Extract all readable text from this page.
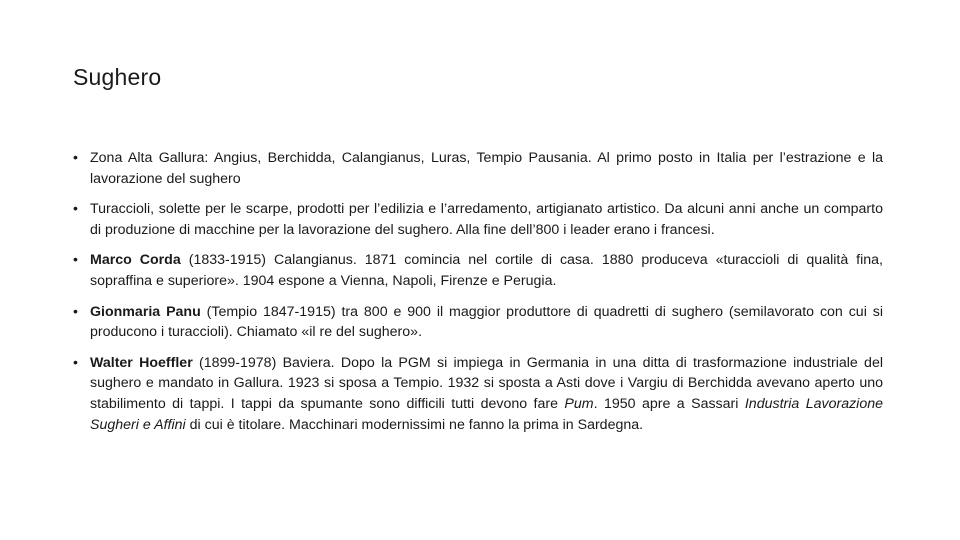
Sughero
• Zona Alta Gallura: Angius, Berchidda, Calangianus, Luras, Tempio Pausania. Al primo posto in Italia per l’estrazione e la lavorazione del sughero
• Turaccioli, solette per le scarpe, prodotti per l’edilizia e l’arredamento, artigianato artistico. Da alcuni anni anche un comparto di produzione di macchine per la lavorazione del sughero. Alla fine dell’800 i leader erano i francesi.
• Marco Corda (1833-1915) Calangianus. 1871 comincia nel cortile di casa. 1880 produceva «turaccioli di qualità fina, sopraffina e superiore». 1904 espone a Vienna, Napoli, Firenze e Perugia.
• Gionmaria Panu (Tempio 1847-1915) tra 800 e 900 il maggior produttore di quadretti di sughero (semilavorato con cui si producono i turaccioli). Chiamato «il re del sughero».
• Walter Hoeffler (1899-1978) Baviera. Dopo la PGM si impiega in Germania in una ditta di trasformazione industriale del sughero e mandato in Gallura. 1923 si sposa a Tempio. 1932 si sposta a Asti dove i Vargiu di Berchidda avevano aperto uno stabilimento di tappi. I tappi da spumante sono difficili tutti devono fare Pum. 1950 apre a Sassari Industria Lavorazione Sugheri e Affini di cui è titolare. Macchinari modernissimi ne fanno la prima in Sardegna.
